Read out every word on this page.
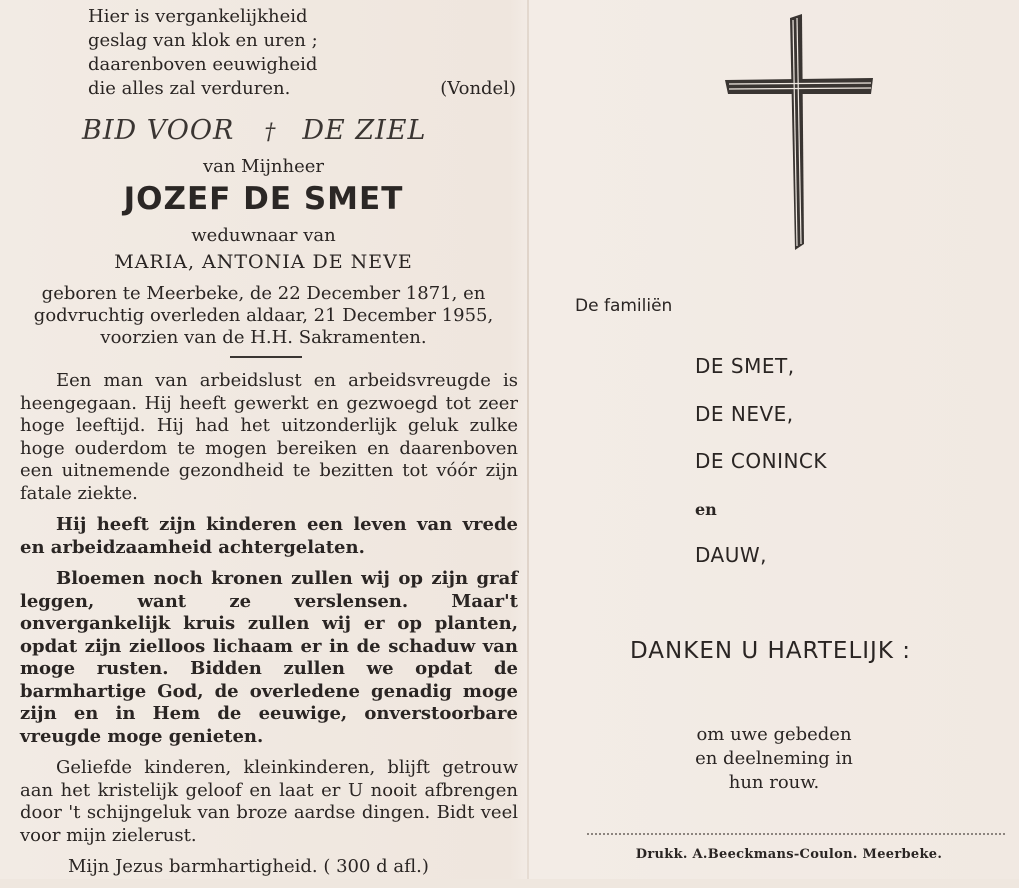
Hier is vergankelijkheid
geslag van klok en uren ;
daarenboven eeuwigheid
die alles zal verduren.	(Vondel)
BID VOOR † DE ZIEL
van Mijnheer
JOZEF DE SMET
weduwnaar van
MARIA, ANTONIA DE NEVE
geboren te Meerbeke, de 22 December 1871, en
godvruchtig overleden aldaar, 21 December 1955,
voorzien van de H.H. Sakramenten.

Een man van arbeidslust en arbeidsvreugde is heengegaan. Hij heeft gewerkt en gezwoegd tot zeer hoge leeftijd. Hij had het uitzonderlijk geluk zulke hoge ouderdom te mogen bereiken en daarenboven een uitnemende gezondheid te bezitten tot vóór zijn fatale ziekte.

Hij heeft zijn kinderen een leven van vrede en arbeidzaamheid achtergelaten.

Bloemen noch kronen zullen wij op zijn graf leggen, want ze verslensen. Maar't onvergankelijk kruis zullen wij er op planten, opdat zijn zielloos lichaam er in de schaduw van moge rusten. Bidden zullen we opdat de barmhartige God, de overledene genadig moge zijn en in Hem de eeuwige, onverstoorbare vreugde moge genieten.

Geliefde kinderen, kleinkinderen, blijft getrouw aan het kristelijk geloof en laat er U nooit afbrengen door 't schijngeluk van broze aardse dingen. Bidt veel voor mijn zielerust.

Mijn Jezus barmhartigheid. ( 300 d afl.)

De familiën
DE SMET,
DE NEVE,
DE CONINCK
en
DAUW,
DANKEN U HARTELIJK :
om uwe gebeden
en deelneming in
hun rouw.
Drukk. A.Beeckmans-Coulon. Meerbeke.
